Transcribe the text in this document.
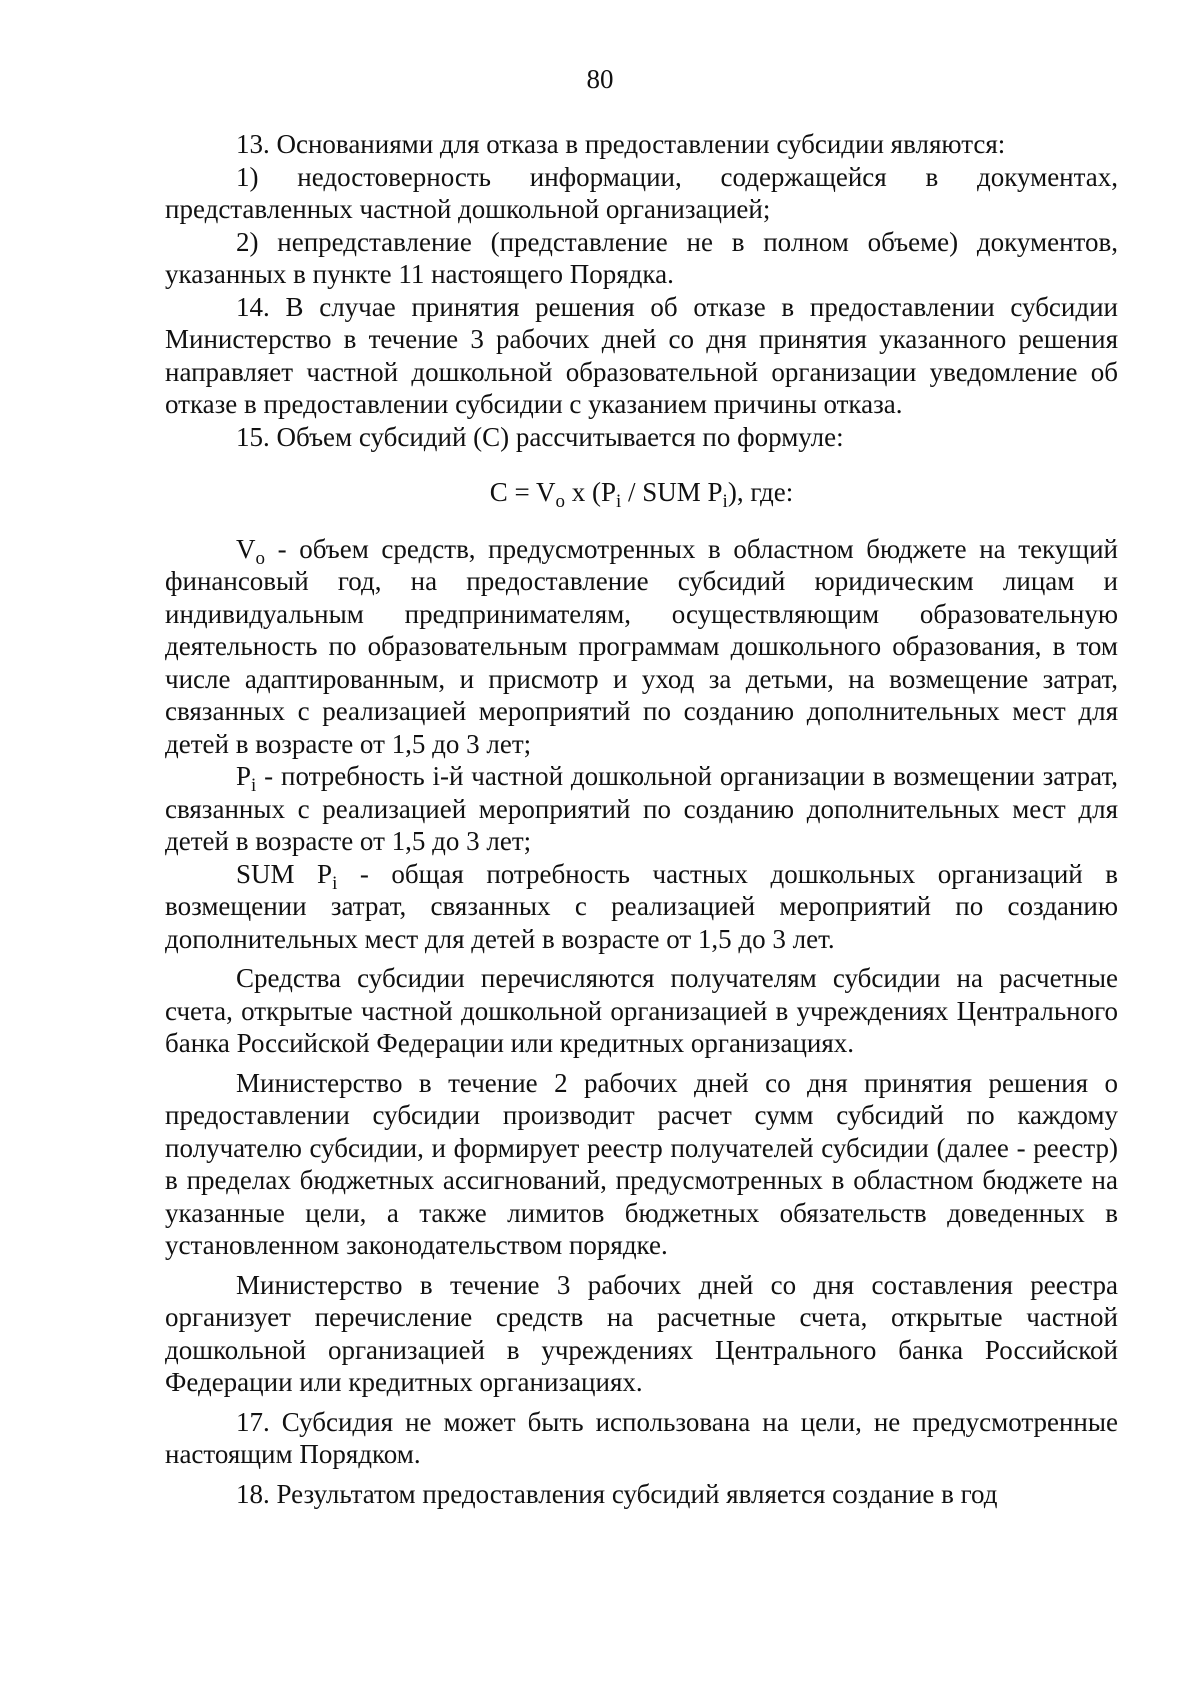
80

13. Основаниями для отказа в предоставлении субсидии являются:

1) недостоверность информации, содержащейся в документах, представленных частной дошкольной организацией;

2) непредставление (представление не в полном объеме) документов, указанных в пункте 11 настоящего Порядка.

14. В случае принятия решения об отказе в предоставлении субсидии Министерство в течение 3 рабочих дней со дня принятия указанного решения направляет частной дошкольной образовательной организации уведомление об отказе в предоставлении субсидии с указанием причины отказа.

15. Объем субсидий (С) рассчитывается по формуле:

$C = V_o$ x ($P_i$ / SUM $P_i$), где:

$V_o$ - объем средств, предусмотренных в областном бюджете на текущий финансовый год, на предоставление субсидий юридическим лицам и индивидуальным предпринимателям, осуществляющим образовательную деятельность по образовательным программам дошкольного образования, в том числе адаптированным, и присмотр и уход за детьми, на возмещение затрат, связанных с реализацией мероприятий по созданию дополнительных мест для детей в возрасте от 1,5 до 3 лет;

$P_i$ - потребность i-й частной дошкольной организации в возмещении затрат, связанных с реализацией мероприятий по созданию дополнительных мест для детей в возрасте от 1,5 до 3 лет;

SUM $P_i$ - общая потребность частных дошкольных организаций в возмещении затрат, связанных с реализацией мероприятий по созданию дополнительных мест для детей в возрасте от 1,5 до 3 лет.

Средства субсидии перечисляются получателям субсидии на расчетные счета, открытые частной дошкольной организацией в учреждениях Центрального банка Российской Федерации или кредитных организациях.

Министерство в течение 2 рабочих дней со дня принятия решения о предоставлении субсидии производит расчет сумм субсидий по каждому получателю субсидии, и формирует реестр получателей субсидии (далее - реестр) в пределах бюджетных ассигнований, предусмотренных в областном бюджете на указанные цели, а также лимитов бюджетных обязательств доведенных в установленном законодательством порядке.

Министерство в течение 3 рабочих дней со дня составления реестра организует перечисление средств на расчетные счета, открытые частной дошкольной организацией в учреждениях Центрального банка Российской Федерации или кредитных организациях.

17. Субсидия не может быть использована на цели, не предусмотренные настоящим Порядком.

18. Результатом предоставления субсидий является создание в год
